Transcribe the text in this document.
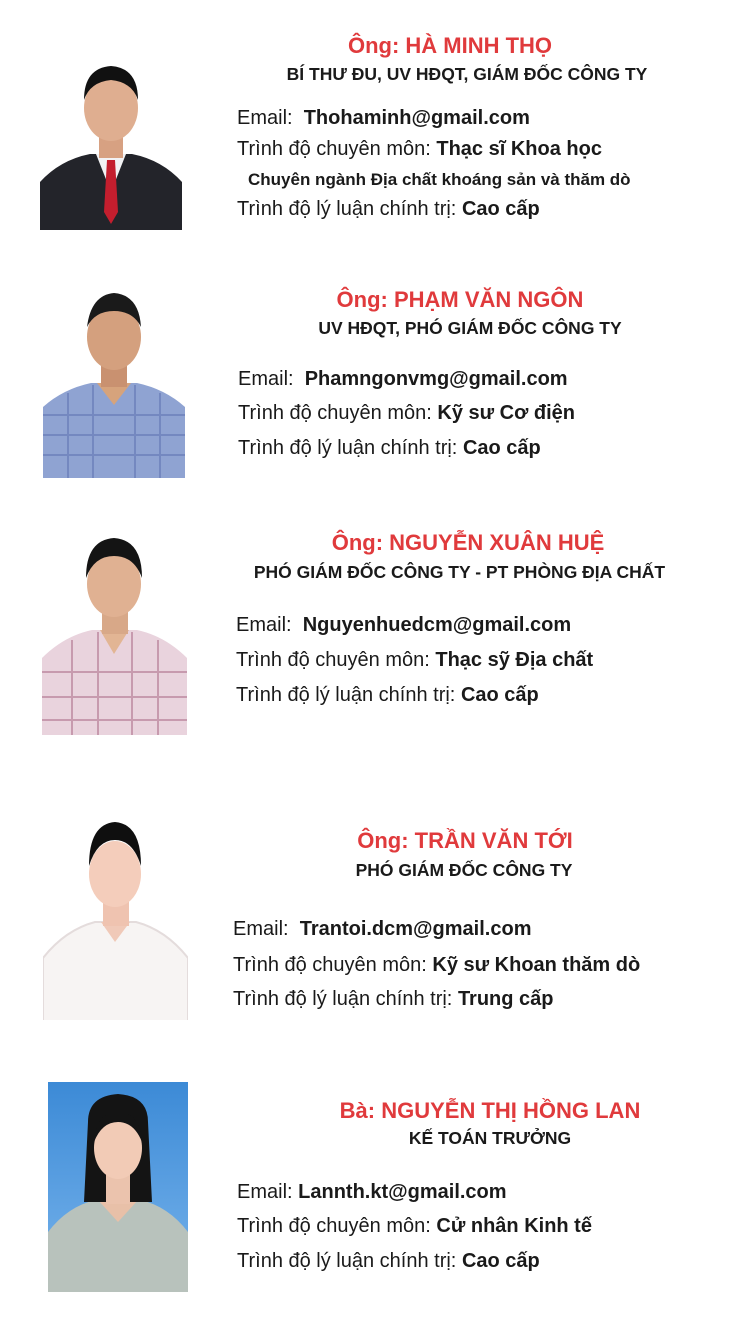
Ông: HÀ MINH THỌ
BÍ THƯ ĐU, UV HĐQT, GIÁM ĐỐC CÔNG TY
Email: Thohaminh@gmail.com
Trình độ chuyên môn: Thạc sĩ Khoa học
Chuyên ngành Địa chất khoáng sản và thăm dò
Trình độ lý luận chính trị: Cao cấp
Ông: PHẠM VĂN NGÔN
UV HĐQT, PHÓ GIÁM ĐỐC CÔNG TY
Email: Phamngonvmg@gmail.com
Trình độ chuyên môn: Kỹ sư Cơ điện
Trình độ lý luận chính trị: Cao cấp
Ông: NGUYỄN XUÂN HUỆ
PHÓ GIÁM ĐỐC CÔNG TY - PT PHÒNG ĐỊA CHẤT
Email: Nguyenhuedcm@gmail.com
Trình độ chuyên môn: Thạc sỹ Địa chất
Trình độ lý luận chính trị: Cao cấp
Ông: TRẦN VĂN TỚI
PHÓ GIÁM ĐỐC CÔNG TY
Email: Trantoi.dcm@gmail.com
Trình độ chuyên môn: Kỹ sư Khoan thăm dò
Trình độ lý luận chính trị: Trung cấp
Bà: NGUYỄN THỊ HỒNG LAN
KẾ TOÁN TRƯỞNG
Email: Lannth.kt@gmail.com
Trình độ chuyên môn: Cử nhân Kinh tế
Trình độ lý luận chính trị: Cao cấp
